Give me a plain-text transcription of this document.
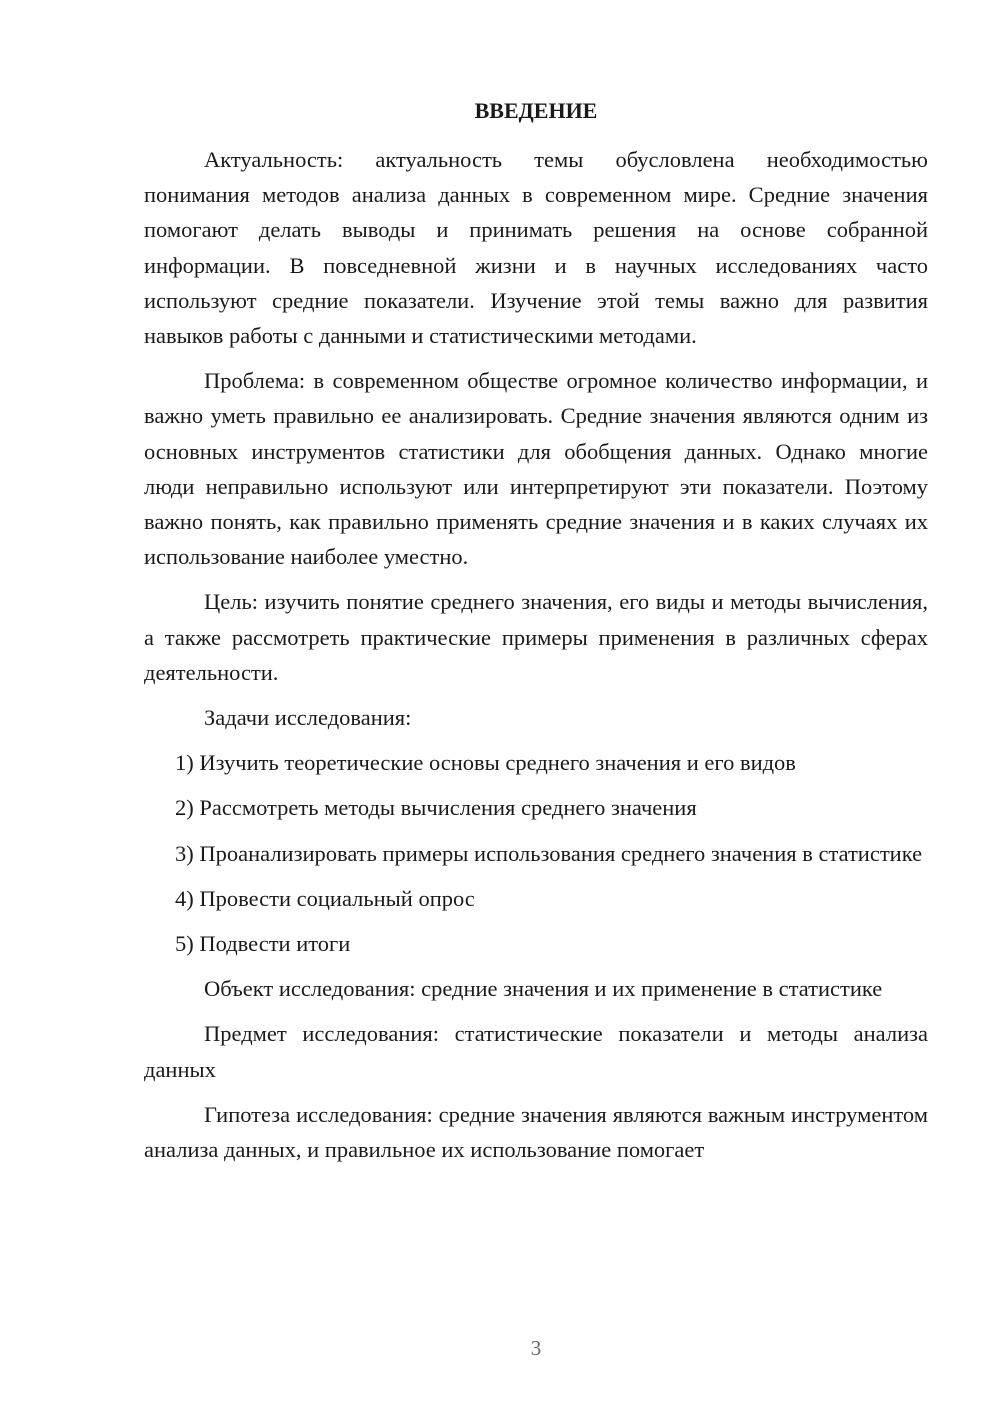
ВВЕДЕНИЕ

Актуальность: актуальность темы обусловлена необходимостью понимания методов анализа данных в современном мире. Средние значения помогают делать выводы и принимать решения на основе собранной информации. В повседневной жизни и в научных исследованиях часто используют средние показатели. Изучение этой темы важно для развития навыков работы с данными и статистическими методами.

Проблема: в современном обществе огромное количество информации, и важно уметь правильно ее анализировать. Средние значения являются одним из основных инструментов статистики для обобщения данных. Однако многие люди неправильно используют или интерпретируют эти показатели. Поэтому важно понять, как правильно применять средние значения и в каких случаях их использование наиболее уместно.

Цель: изучить понятие среднего значения, его виды и методы вычисления, а также рассмотреть практические примеры применения в различных сферах деятельности.

Задачи исследования:

1) Изучить теоретические основы среднего значения и его видов

2) Рассмотреть методы вычисления среднего значения

3) Проанализировать примеры использования среднего значения в статистике

4) Провести социальный опрос

5) Подвести итоги

Объект исследования: средние значения и их применение в статистике

Предмет исследования: статистические показатели и методы анализа данных

Гипотеза исследования: средние значения являются важным инструментом анализа данных, и правильное их использование помогает

3
